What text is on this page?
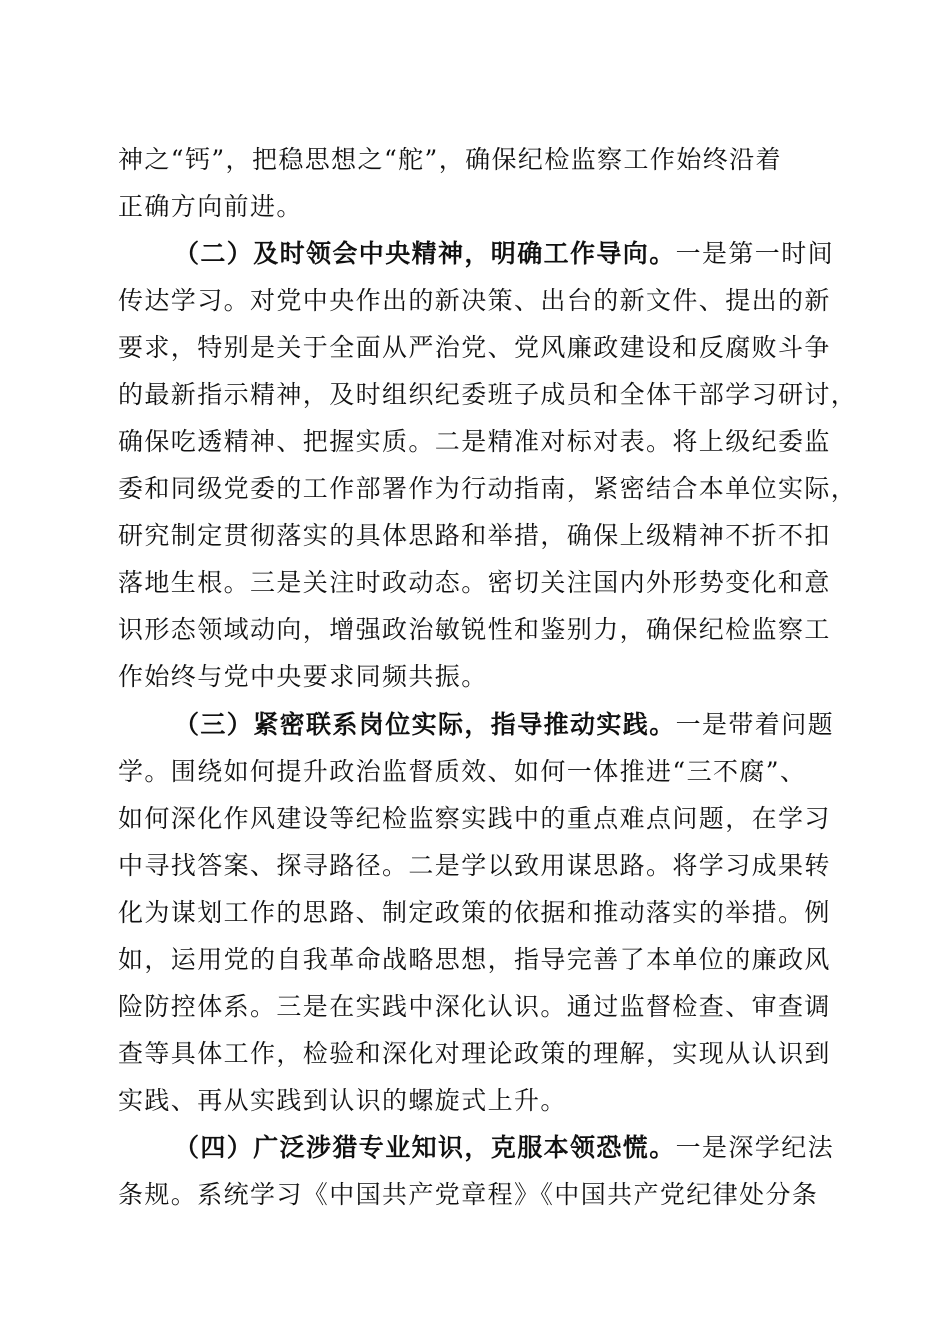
神之“钙”，把稳思想之“舵”，确保纪检监察工作始终沿着
正确方向前进。
（二）及时领会中央精神，明确工作导向。一是第一时间
传达学习。对党中央作出的新决策、出台的新文件、提出的新
要求，特别是关于全面从严治党、党风廉政建设和反腐败斗争
的最新指示精神，及时组织纪委班子成员和全体干部学习研讨，
确保吃透精神、把握实质。二是精准对标对表。将上级纪委监
委和同级党委的工作部署作为行动指南，紧密结合本单位实际，
研究制定贯彻落实的具体思路和举措，确保上级精神不折不扣
落地生根。三是关注时政动态。密切关注国内外形势变化和意
识形态领域动向，增强政治敏锐性和鉴别力，确保纪检监察工
作始终与党中央要求同频共振。
（三）紧密联系岗位实际，指导推动实践。一是带着问题
学。围绕如何提升政治监督质效、如何一体推进“三不腐”、
如何深化作风建设等纪检监察实践中的重点难点问题，在学习
中寻找答案、探寻路径。二是学以致用谋思路。将学习成果转
化为谋划工作的思路、制定政策的依据和推动落实的举措。例
如，运用党的自我革命战略思想，指导完善了本单位的廉政风
险防控体系。三是在实践中深化认识。通过监督检查、审查调
查等具体工作，检验和深化对理论政策的理解，实现从认识到
实践、再从实践到认识的螺旋式上升。
（四）广泛涉猎专业知识，克服本领恐慌。一是深学纪法
条规。系统学习《中国共产党章程》《中国共产党纪律处分条
